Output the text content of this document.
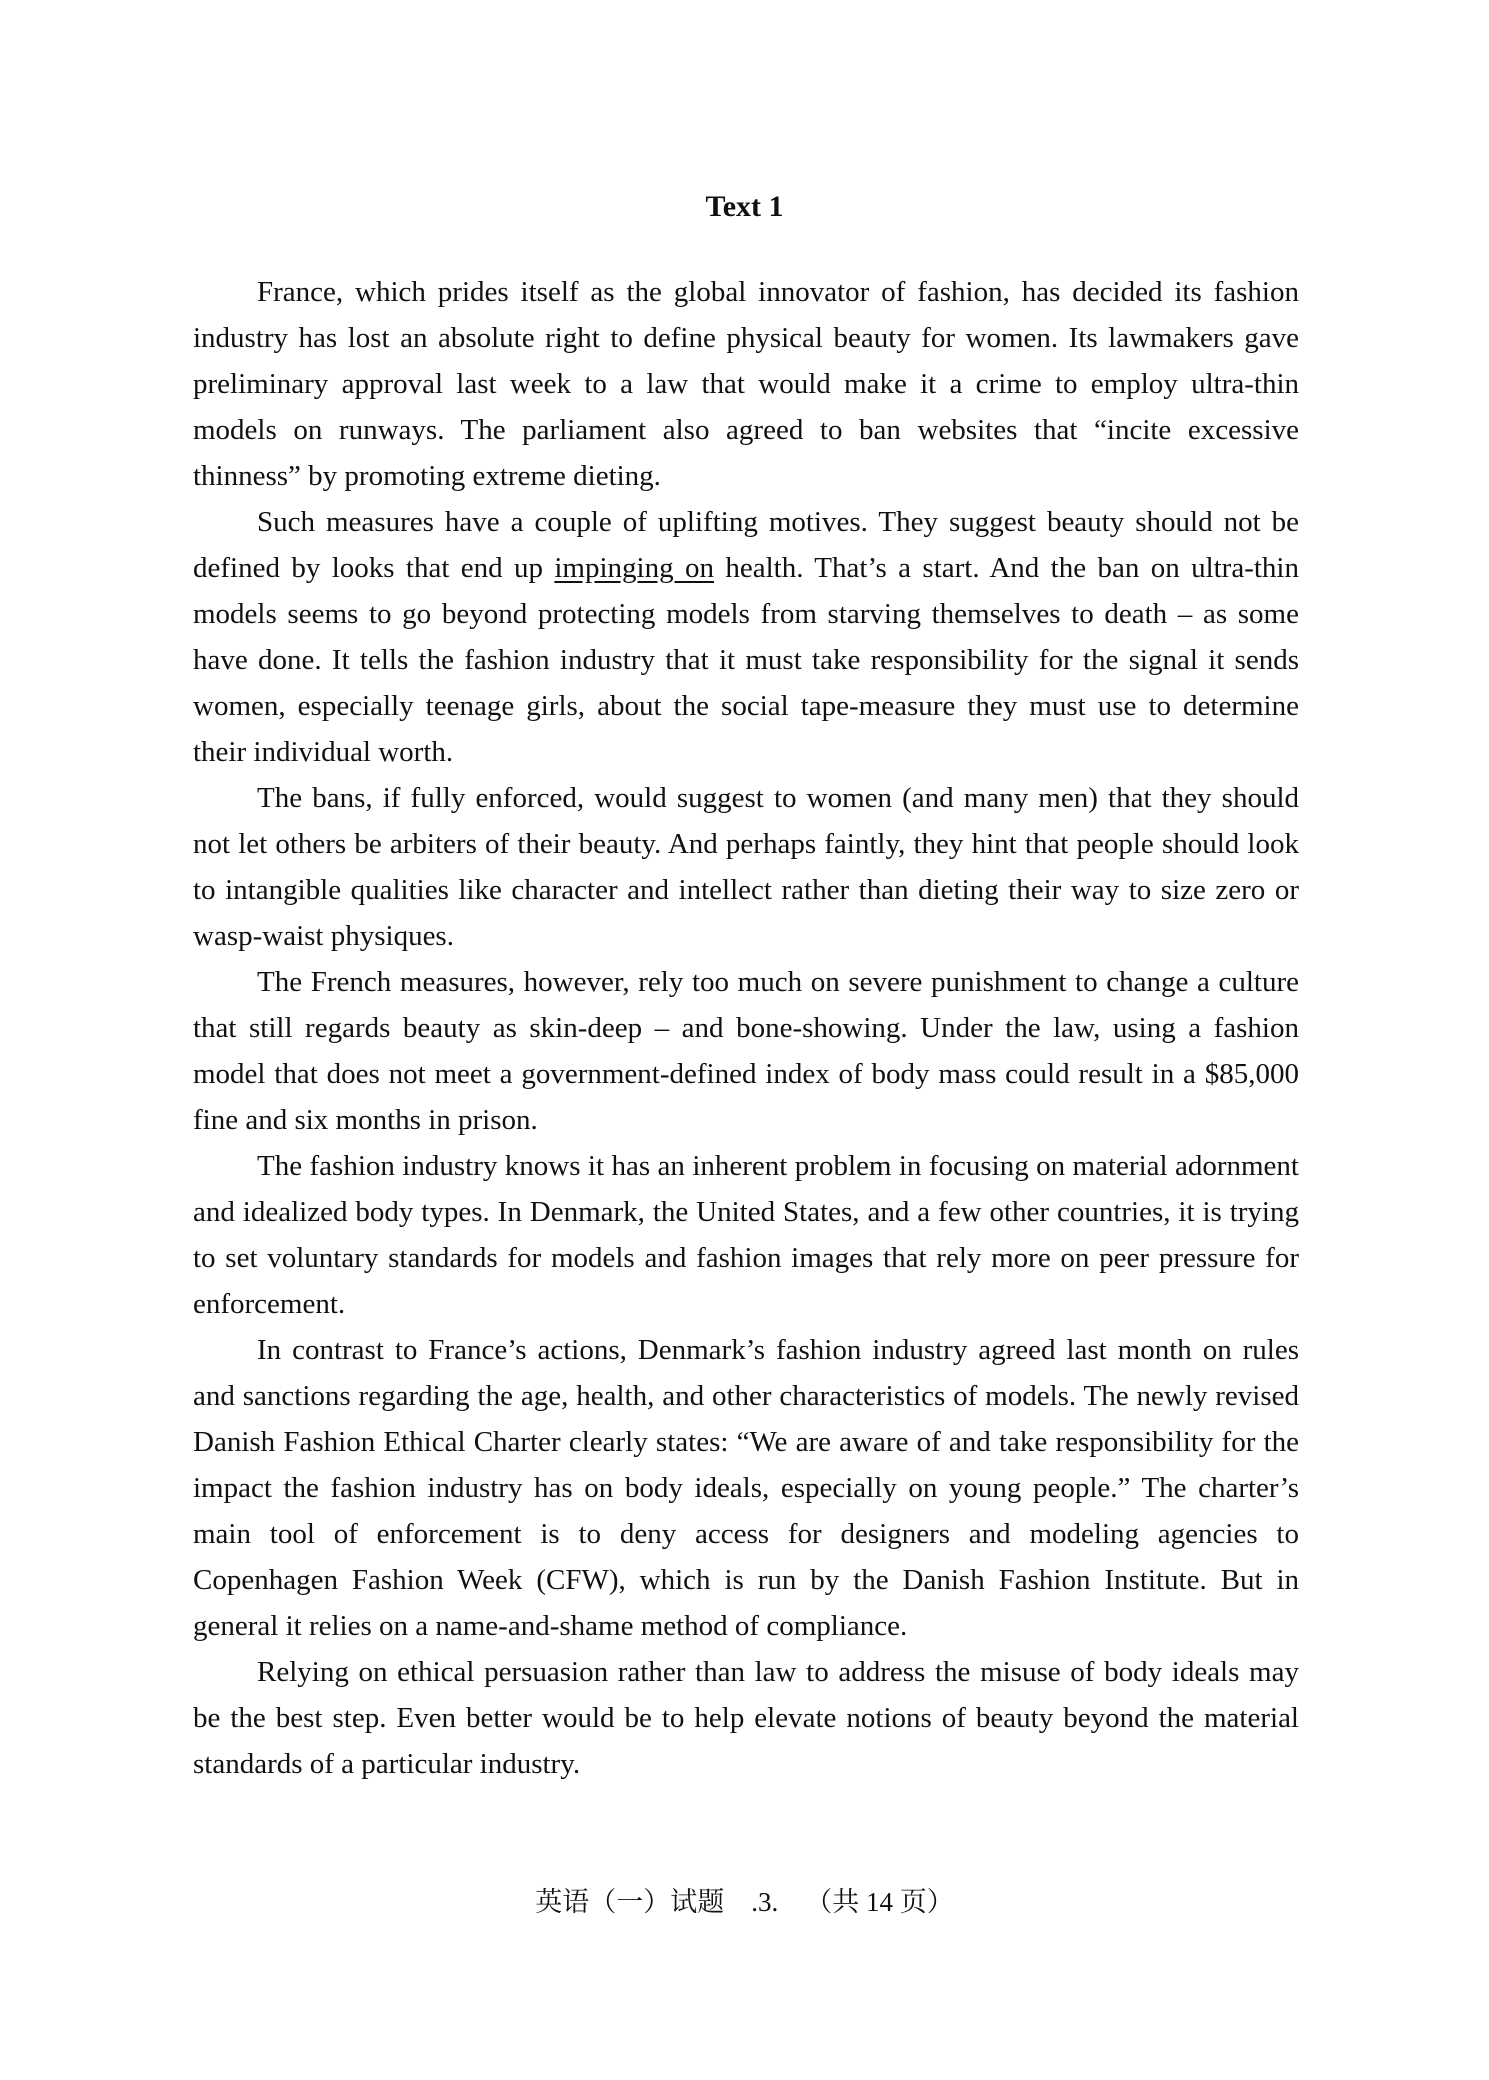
Text 1

France, which prides itself as the global innovator of fashion, has decided its fashion industry has lost an absolute right to define physical beauty for women. Its lawmakers gave preliminary approval last week to a law that would make it a crime to employ ultra-thin models on runways. The parliament also agreed to ban websites that “incite excessive thinness” by promoting extreme dieting.

Such measures have a couple of uplifting motives. They suggest beauty should not be defined by looks that end up impinging on health. That’s a start. And the ban on ultra-thin models seems to go beyond protecting models from starving themselves to death – as some have done. It tells the fashion industry that it must take responsibility for the signal it sends women, especially teenage girls, about the social tape-measure they must use to determine their individual worth.

The bans, if fully enforced, would suggest to women (and many men) that they should not let others be arbiters of their beauty. And perhaps faintly, they hint that people should look to intangible qualities like character and intellect rather than dieting their way to size zero or wasp-waist physiques.

The French measures, however, rely too much on severe punishment to change a culture that still regards beauty as skin-deep – and bone-showing. Under the law, using a fashion model that does not meet a government-defined index of body mass could result in a $85,000 fine and six months in prison.

The fashion industry knows it has an inherent problem in focusing on material adornment and idealized body types. In Denmark, the United States, and a few other countries, it is trying to set voluntary standards for models and fashion images that rely more on peer pressure for enforcement.

In contrast to France’s actions, Denmark’s fashion industry agreed last month on rules and sanctions regarding the age, health, and other characteristics of models. The newly revised Danish Fashion Ethical Charter clearly states: “We are aware of and take responsibility for the impact the fashion industry has on body ideals, especially on young people.” The charter’s main tool of enforcement is to deny access for designers and modeling agencies to Copenhagen Fashion Week (CFW), which is run by the Danish Fashion Institute. But in general it relies on a name-and-shame method of compliance.

Relying on ethical persuasion rather than law to address the misuse of body ideals may be the best step. Even better would be to help elevate notions of beauty beyond the material standards of a particular industry.

英语（一）试题    .3.    （共 14 页）
